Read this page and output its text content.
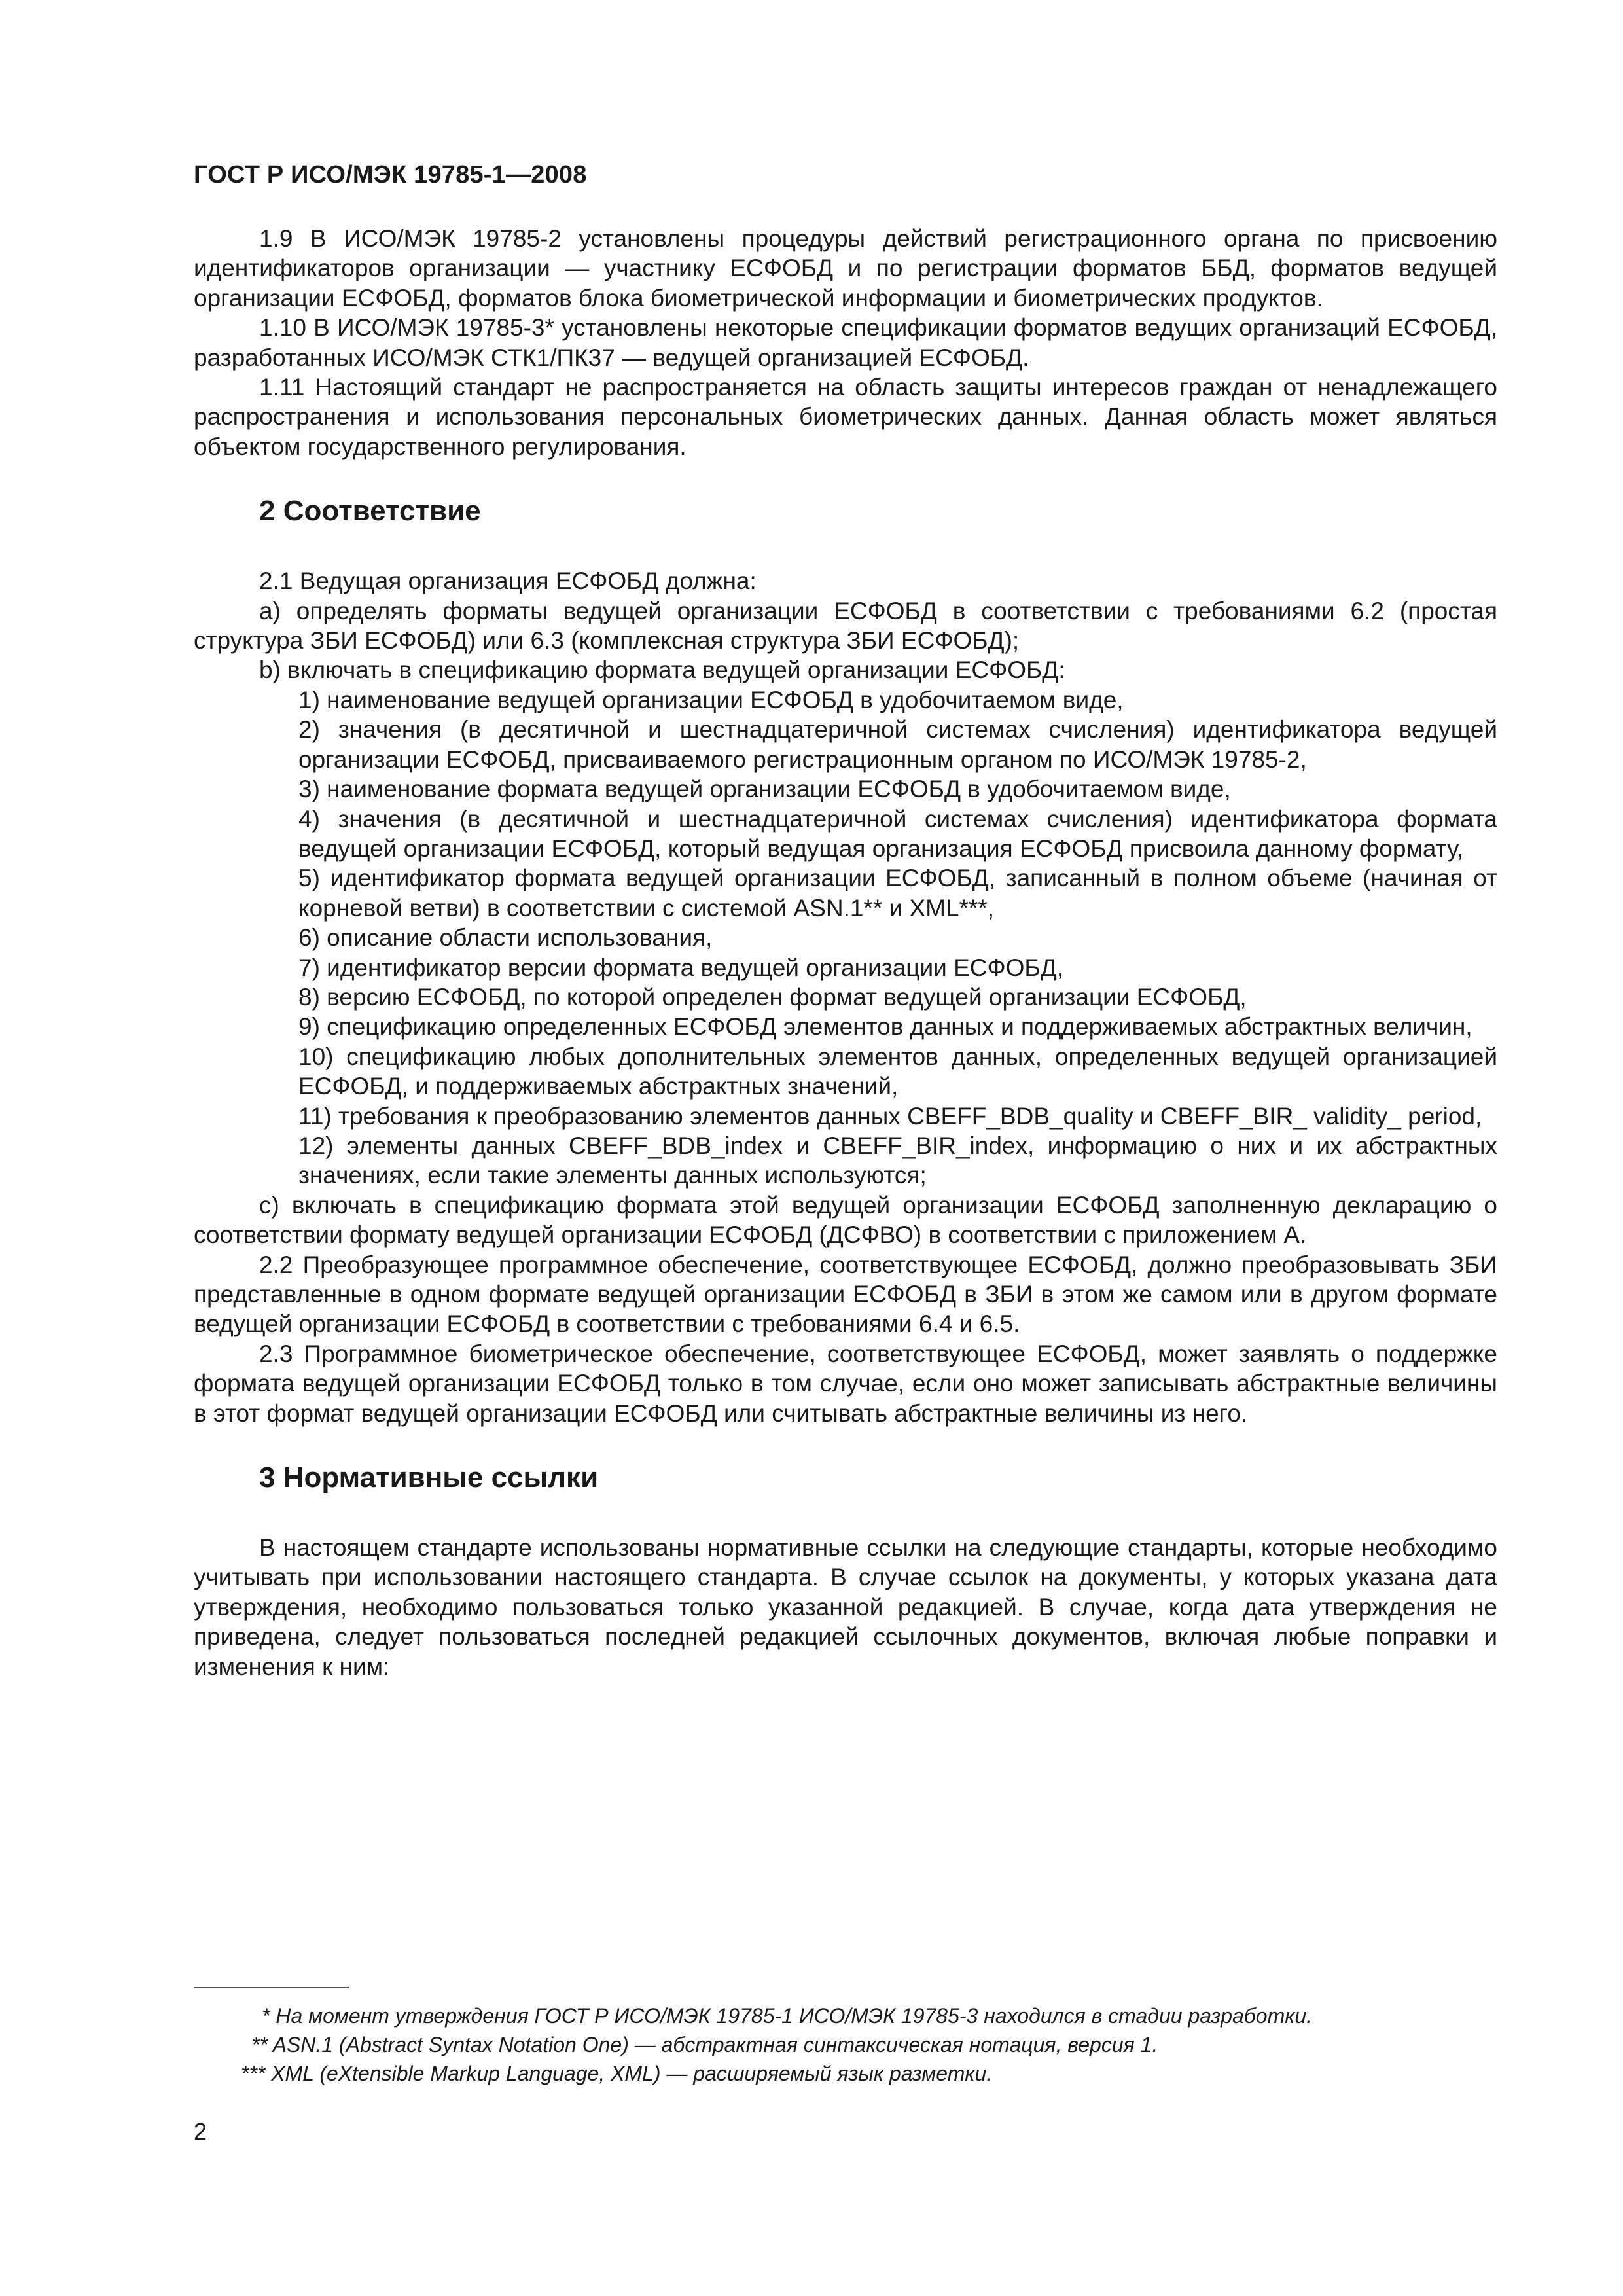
ГОСТ Р ИСО/МЭК 19785-1—2008

1.9 В ИСО/МЭК 19785-2 установлены процедуры действий регистрационного органа по присвоению идентификаторов организации — участнику ЕСФОБД и по регистрации форматов ББД, форматов ведущей организации ЕСФОБД, форматов блока биометрической информации и биометрических продуктов.

1.10 В ИСО/МЭК 19785-3* установлены некоторые спецификации форматов ведущих организаций ЕСФОБД, разработанных ИСО/МЭК СТК1/ПК37 — ведущей организацией ЕСФОБД.

1.11 Настоящий стандарт не распространяется на область защиты интересов граждан от ненадлежащего распространения и использования персональных биометрических данных. Данная область может являться объектом государственного регулирования.

2 Соответствие

2.1 Ведущая организация ЕСФОБД должна:

a) определять форматы ведущей организации ЕСФОБД в соответствии с требованиями 6.2 (простая структура ЗБИ ЕСФОБД) или 6.3 (комплексная структура ЗБИ ЕСФОБД);

b) включать в спецификацию формата ведущей организации ЕСФОБД:

1) наименование ведущей организации ЕСФОБД в удобочитаемом виде,

2) значения (в десятичной и шестнадцатеричной системах счисления) идентификатора ведущей организации ЕСФОБД, присваиваемого регистрационным органом по ИСО/МЭК 19785-2,

3) наименование формата ведущей организации ЕСФОБД в удобочитаемом виде,

4) значения (в десятичной и шестнадцатеричной системах счисления) идентификатора формата ведущей организации ЕСФОБД, который ведущая организация ЕСФОБД присвоила данному формату,

5) идентификатор формата ведущей организации ЕСФОБД, записанный в полном объеме (начиная от корневой ветви) в соответствии с системой ASN.1** и XML***,

6) описание области использования,

7) идентификатор версии формата ведущей организации ЕСФОБД,

8) версию ЕСФОБД, по которой определен формат ведущей организации ЕСФОБД,

9) спецификацию определенных ЕСФОБД элементов данных и поддерживаемых абстрактных величин,

10) спецификацию любых дополнительных элементов данных, определенных ведущей организацией ЕСФОБД, и поддерживаемых абстрактных значений,

11) требования к преобразованию элементов данных CBEFF_BDB_quality и CBEFF_BIR_ validity_ period,

12) элементы данных CBEFF_BDB_index и CBEFF_BIR_index, информацию о них и их абстрактных значениях, если такие элементы данных используются;

c) включать в спецификацию формата этой ведущей организации ЕСФОБД заполненную декларацию о соответствии формату ведущей организации ЕСФОБД (ДСФВО) в соответствии с приложением А.

2.2 Преобразующее программное обеспечение, соответствующее ЕСФОБД, должно преобразовывать ЗБИ представленные в одном формате ведущей организации ЕСФОБД в ЗБИ в этом же самом или в другом формате ведущей организации ЕСФОБД в соответствии с требованиями 6.4 и 6.5.

2.3 Программное биометрическое обеспечение, соответствующее ЕСФОБД, может заявлять о поддержке формата ведущей организации ЕСФОБД только в том случае, если оно может записывать абстрактные величины в этот формат ведущей организации ЕСФОБД или считывать абстрактные величины из него.

3 Нормативные ссылки

В настоящем стандарте использованы нормативные ссылки на следующие стандарты, которые необходимо учитывать при использовании настоящего стандарта. В случае ссылок на документы, у которых указана дата утверждения, необходимо пользоваться только указанной редакцией. В случае, когда дата утверждения не приведена, следует пользоваться последней редакцией ссылочных документов, включая любые поправки и изменения к ним:

* На момент утверждения ГОСТ Р ИСО/МЭК 19785-1 ИСО/МЭК 19785-3 находился в стадии разработки.

** ASN.1 (Abstract Syntax Notation One) — абстрактная синтаксическая нотация, версия 1.

*** XML (eXtensible Markup Language, XML) — расширяемый язык разметки.

2
